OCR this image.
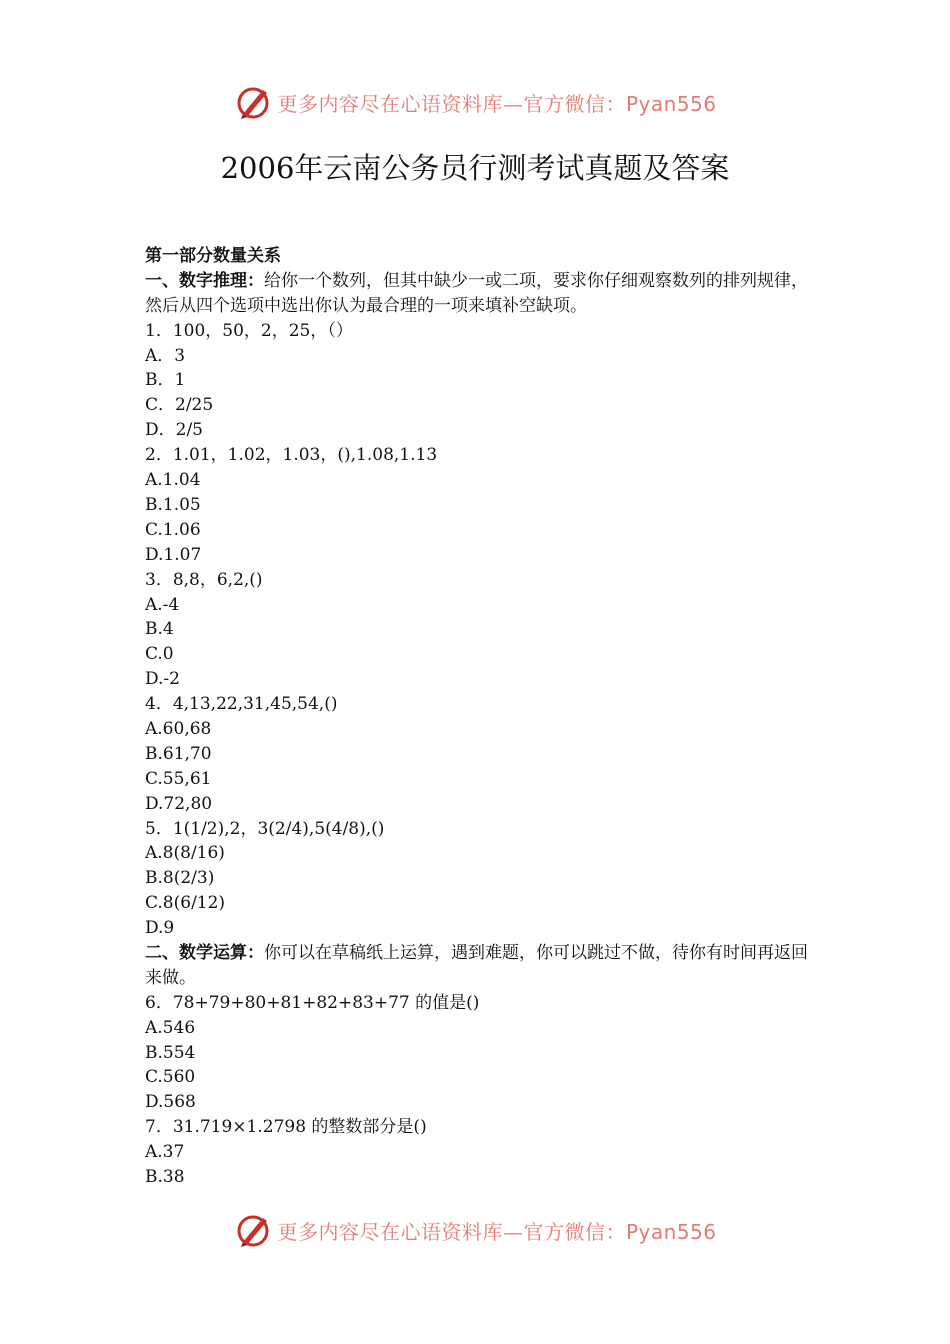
更多内容尽在心语资料库—官方微信：Pyan556
2006年云南公务员行测考试真题及答案
第一部分数量关系
一、数字推理：给你一个数列，但其中缺少一或二项，要求你仔细观察数列的排列规律，然后从四个选项中选出你认为最合理的一项来填补空缺项。
1．100，50，2，25，（）
A．3
B．1
C．2/25
D．2/5
2．1.01，1.02，1.03，(),1.08,1.13
A.1.04
B.1.05
C.1.06
D.1.07
3．8,8，6,2,()
A.-4
B.4
C.0
D.-2
4．4,13,22,31,45,54,()
A.60,68
B.61,70
C.55,61
D.72,80
5．1(1/2),2，3(2/4),5(4/8),()
A.8(8/16)
B.8(2/3)
C.8(6/12)
D.9
二、数学运算：你可以在草稿纸上运算，遇到难题，你可以跳过不做，待你有时间再返回来做。
6．78+79+80+81+82+83+77 的值是()
A.546
B.554
C.560
D.568
7．31.719×1.2798 的整数部分是()
A.37
B.38
更多内容尽在心语资料库—官方微信：Pyan556
